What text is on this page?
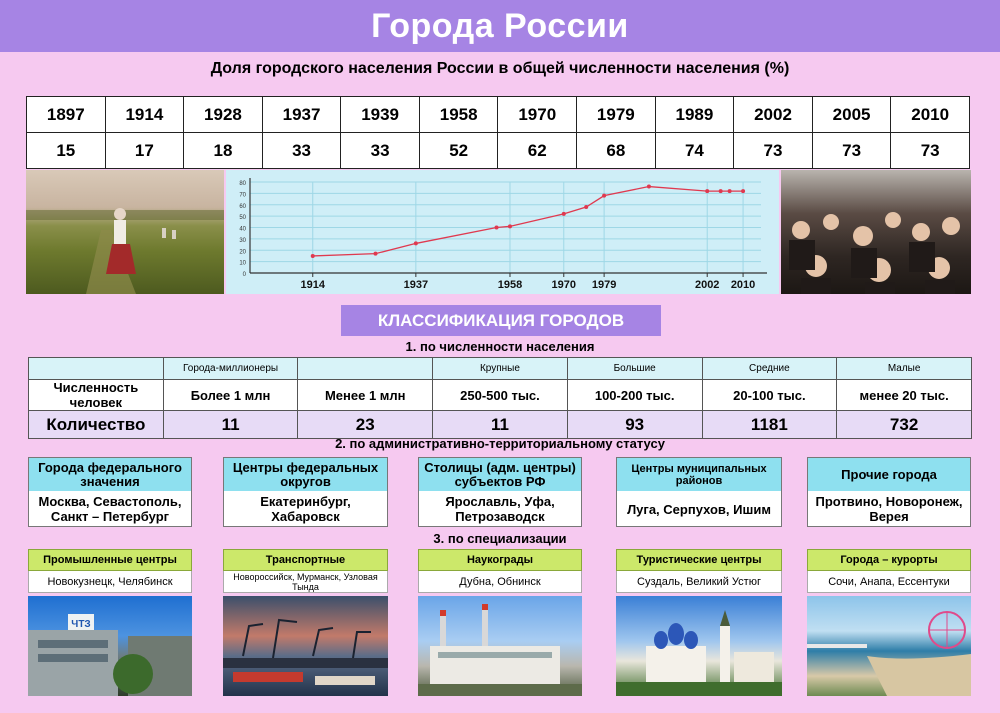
Города России
Доля городского населения России в общей численности населения (%)
1897	1914	1928	1937	1939	1958	1970	1979	1989	2002	2005	2010
15	17	18	33	33	52	62	68	74	73	73	73
0
10
20
30
40
50
60
70
80
1914	1937	1958	1970 1979	2002 2010
КЛАССИФИКАЦИЯ ГОРОДОВ
1. по численности населения
	Города-миллионеры		Крупные	Большие	Средние	Малые
Численность человек	Более 1 млн	Менее 1 млн	250-500 тыс.	100-200 тыс.	20-100 тыс.	менее 20 тыс.
Количество	11	23	11	93	1181	732
2. по административно-территориальному статусу
Города федерального значения
Москва, Севастополь, Санкт – Петербург
Центры федеральных округов
Екатеринбург, Хабаровск
Столицы (адм. центры) субъектов РФ
Ярославль, Уфа, Петрозаводск
Центры муниципальных районов
Луга, Серпухов, Ишим
Прочие города
Протвино, Новоронеж, Верея
3. по специализации
Промышленные центры
Новокузнецк, Челябинск
ЧТЗ
Транспортные
Новороссийск, Мурманск, Узловая Тында
Наукограды
Дубна, Обнинск
Туристические центры
Суздаль, Великий Устюг
Города – курорты
Сочи, Анапа, Ессентуки
